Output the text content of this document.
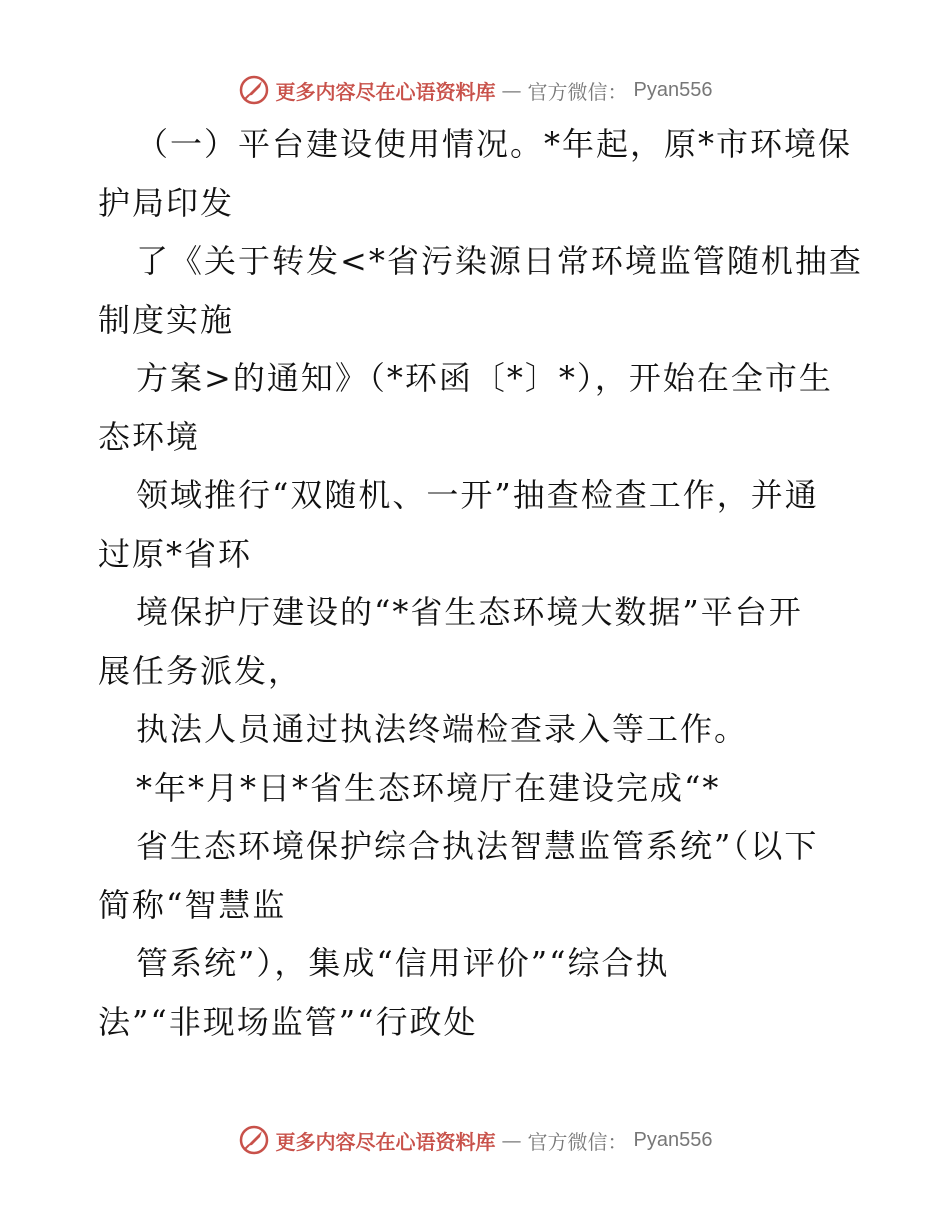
更多内容尽在心语资料库 — 官方微信： Pyan556
（一）平台建设使用情况。*年起，原*市环境保
护局印发
了《关于转发<*省污染源日常环境监管随机抽查
制度实施
方案>的通知》（*环函〔*〕*），开始在全市生
态环境
领域推行“双随机、一开”抽查检查工作，并通
过原*省环
境保护厅建设的“*省生态环境大数据”平台开
展任务派发，
执法人员通过执法终端检查录入等工作。
*年*月*日*省生态环境厅在建设完成“*
省生态环境保护综合执法智慧监管系统”（以下
简称“智慧监
管系统”），集成“信用评价”“综合执
法”“非现场监管”“行政处
更多内容尽在心语资料库 — 官方微信： Pyan556
